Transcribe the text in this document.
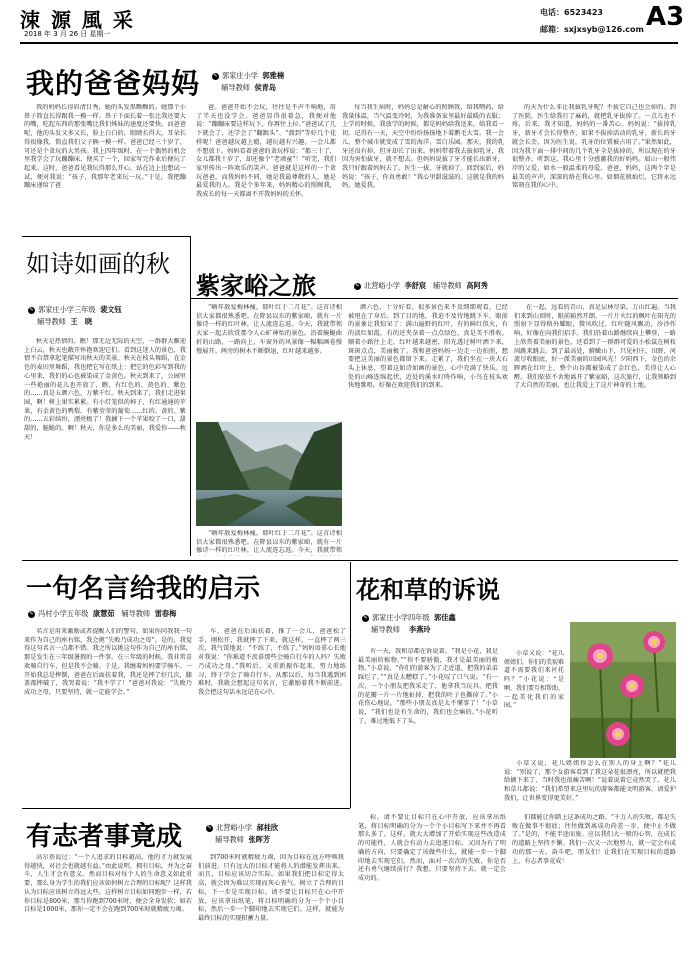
涑 源 風 采
2018 年 3 月 26 日 星期一
电话：6523423
邮箱：sxjxsyb@126.com A3
我的爸爸妈妈	✎ 郭家庄小学 郭雅楠
辅导教师 侯青岛

我的妈妈长得眉清目秀，她的头发黑黝黝的。她那个小鼻子简直长得跟我一模一样。鼻子下面长着一张比我还要大的嘴，吃起东西的那张嘴比我们姊妹的速度还要快。而爸爸呢，他的头发又多又长，脸上白白的，眼睛长得大，耳朵长得很像我，简直我们父子俩一模一样。爸爸已经三十岁了，可还是个贪玩的大男孩。我上四年级时，在一个偶然的机会里我学会了玩蹦蹦床，便买了一个，回家写完作业后便玩了起来。这时，爸爸看见我玩得那么开心，站在边上也想试一试，便对我说：“孩子，我那年老来玩一玩。”于是，我把蹦蹦床递给了爸

爸。爸爸开始不会玩，往往是不声不响地，用了半天也没学会。爸爸显得很着急，我便对他说：“蹦蹦床要这样玩下，你再往上拉。”爸爸试了几下就会了，还学会了“翻跟头”、“溜到”等好几个花样呢！爸爸越玩越上瘾，越玩越有兴趣，一会儿都不想放下。妈妈看着爸爸的贪玩样说：“都三十了，女儿都我十岁了，却还像个“老顽童”！”听完，我们家里传出一阵欢乐的笑声。爸爸就是这样的一个贪玩爸爸。而我妈妈不同，她是我最尊敬的人，她是最爱我的人。我是个多年来，妈妈精心的照顾我，我成长的每一天都离不开我妈妈的关怀。

每当我生病时，妈妈总是耐心的照顾我，给我喂药，给我量体温，当气温变冷时，为我准备家里最好最暖的衣服；上学的时候，我放学的时候，都是妈妈给我送来，给我看一切。记得有一天，天空中纷纷扬扬地下着鹅毛大雪。我一会儿，整个城市就变成了雪的海洋，雪白乐园。那天，我的乳牙还没有掉，但牙却长了出来。妈妈带着我去拔掉乳牙，我因为害怕拔牙，就不想去。但妈妈说拔了牙才能长出新牙，我只好跟着妈妈去了。医生一拔，牙就掉了。回到家后，妈妈说：“孩子，你真勇敢！”我心里甜滋滋的。这就是我的妈妈，她爱我。

的天为什么非让我拔乳牙呢？不拔它自己也会掉的。到了医院，医生给我打了麻药，就把乳牙拔掉了。一点儿也不疼，后来，我才知道，妈妈的一番苦心。妈妈说：“拔掉乳牙，新牙才会长得整齐，如果不拔掉活动的乳牙，新长的牙就会长歪，因为医生说，乳牙的位置被占用了。”果然如此，因为我下面一排中间的几个乳牙全是拔掉的，所以现在的牙很整齐。听到这，我心里十分感激我的好妈妈。如山一般伟岸的父爱，如水一般温柔的母爱。爸爸，妈妈，这两个字是最美的声声，深深的烙在我心里。如烟花般灿烂，它将永远铭刻在我的心中。

如诗如画的秋
✎ 郭家庄小学三年级 裴文钰
辅导教师 王　晓

秋天是热情的。瞧！那无边无际的天空，一群群大雁迎上白云，秋天也敞开怀抱欢迎它们。看到这迷人的景色，我情不自禁拿起笔描写出秋天的美景。秋天在枝头舞蹈，在金色的麦田里舞蹈，我也把它写在纸上：把它的色彩写到我的心里来，我们的心也被染成了金黄色。秋天到来了，公园里一些艳丽的花儿也开放了，瞧，有红色的、黄色的、紫色的……真是五颜六色，万紫千红。秋天到来了，我们走进果园，啊！树上果实累累。有小灯笼似的柿子，有红通通的苹果，有金黄色的鸭梨，有紫莹莹的葡萄……红的、黄的、紫的……五彩缤纷，漂亮极了！我摘下一个苹果咬了一口，甜甜的，脆脆的。啊！秋天，你是多么的美丽，我爱你——秋天！

紫家峪之旅	✎ 北营峪小学 李舒宸 辅导教师 高阿秀

“嗨年散爱梅林瘦，耶叶红于二月花”。这首诗相信大家都很熟悉吧。在降县以东的紫家峪，就有一片像诗一样的红叶林，让人流连忘返。今天，我就带领大家一起去欣赏那令人心旷神怡的景色。沿着蜿蜒曲折的山路，一路向上，车窗外的风景像一幅幅画卷慢慢展开。两旁的树木不断倒退，红叶越来越多。

“嗨年散爱梅林瘦，耶叶红于二月花”。这首诗相信大家都很熟悉吧。在降县以东的紫家峪，就有一片像诗一样的红叶林，让人流连忘返。今天，我就带领

颜六色，十分好看。很多景色来不及细细观看，已经被甩在了身后。到了目的地，我迫不及待地跳下车，眼前的景象让我惊呆了：满山遍野的红叶，有的鲜红似火，有的淡红如霞，有的还夹杂着一点点绿色，真是美不胜收。顺着小路往上走，红叶越来越密，阳光透过树叶洒下来，斑斑点点，美丽极了。我和爸爸妈妈一边走一边拍照，想要把这美丽的景色都留下来。走累了，我们坐在一块大石头上休息，望着这如诗如画的景色，心中充满了快乐。远处的山峰连绵起伏，近处的溪水叮咚作响，小鸟在枝头欢快地歌唱，好像在欢迎我们的到来。

在一起，远看的青山，真是层林尽染，万山红遍。当我们来到山顶时，眼前豁然开朗，一片片火红的枫叶在阳光的照射下显得格外耀眼，微风吹过，红叶随风飘动，沙沙作响，好像在向我们招手。我们沿着山路继续向上攀登，一路上欣赏着美丽的景色，还看到了一群群可爱的小松鼠在树枝间跳来跳去。到了最高处，俯瞰山下，只见村庄、田野、河流尽收眼底，好一派美丽的田园风光！夕阳西下，金色的余晖洒在红叶上，整个山谷都被染成了金红色，美得让人心醉。我们依依不舍地离开了紫家峪，这次旅行，让我领略到了大自然的美丽，也让我爱上了这片神奇的土地。

一句名言给我的启示
✎ 冯村小学五年级 康慧茹 辅导教师 雷春梅

名言是用来激励或者提醒人们的警句。如果你问我我一句来作为自己的座右铭，我会挑“失败乃成功之母”。是的，我觉得这句名言一点都不错。我之所以挑这句作为自己的座右铭，那是发生在三年级暑假的一件事。在三年级的时候，我非常喜欢骑自行车，但是我不会骑。于是，我缠着妈妈要学骑车。一开始我总是摔倒，爸爸在后面扶着我，我还是摔了好几次，膝盖都摔破了，我哭着说：“我不学了！”爸爸对我说：“失败乃成功之母，只要坚持，就一定能学会。”

车。爸爸在后面扶着，推了一会儿，爸爸松了手，刚松开，我就摔了下来，就这样，一直摔了两三次，我气馁地说：“不练了，不练了。”妈妈语重心长地对我说：“你难道不羡慕那些会骑自行车的人吗？失败乃成功之母。”我听后，又重新振作起来，努力地练习，终于学会了骑自行车。从那以后，每当我遇到困难时，我就会想起这句名言，它激励着我不断前进。我会把这句话永远记在心中。

花和草的诉说
✎ 郭家庄小学四年级 郭佳鑫
辅导教师 李燕玲

有一天，我和草都在诉说着。“我是小花，我是最美丽的植物。”“你不要骄傲，我才是最美丽的植物。”小草说。“你们的游客为了走近道，把我的弟弟踩烂了。”“真是太糟糕了。”小花叹了口气说。“有一次，一个小朋友把我采走了，他拿我当玩具，把我的花瓣一片一片地扯掉，把我的叶子也撕掉了。”小花伤心地说。“那些小朋友真是太不懂事了！”小草说，“我们也是有生命的，我们也会痛的。”小花听了，难过地低下了头。

小草又说：“花儿姐姐们，你们的美貌难道不需要我们来衬托吗？”小花说：“是啊，我们要互相帮助，一起美化我们的家园。”

小草又说，花儿姐姐你怎么在别人的身上啊？”花儿说：“别说了，那个女游客看到了我这朵花很漂亮，所以就把我给摘下来了，当时我也很痛苦啊！”说着说着它竟然哭了。花儿和草儿都说：“我们希望来这里玩的游客都能文明游客，请爱护我们，让世界变得更美好。”

有志者事竟成	✎ 北营峪小学 郝桂欣
辅导教师 张晖芳

高尔基说过：“一个人追求的目标越高，他的才力就发展得越快，对社会也就越有益。”由此说明，拥有目标，并为之奋斗，人生才会有意义。然而目标对每个人的生命意义如此重要，那么身为学生的我们应该如何树立合理的目标呢？这样我认为目标应该树立得远大些。这样树立目标如同跑步一样，若你目标是800米，那当你跑到700米时，便会全身发软；如若目标是1000米，那你一定不会在跑到700米时就精疲力竭。

到700米时就精疲力竭，因为目标在远方呼唤我们前进。只有远大的目标才能将人的潜能发挥出来。而且，目标应该切合实际。如果我们把目标定得太高，就会因为难以实现而灰心丧气。树立了合理的目标，下一步是实现目标。请不要让目标只在心中开放，应该拿出纸笔，将目标明确的分为一个个小目标，然后一步一个脚印地去实现它们。这样，就能为最终目标的实现积蓄力量。

标。请不要让目标只在心中开放，应该拿出纸笔，将目标明确的分为一个个小目标写下来并不再看那么多了。这样，就大大增加了开始实现这些改造成的可能性，人就会有动力去追逐目标。又因为有了明确的方向，只要确定了该做些什么，就能一步一个脚印地去实现它们。然而，面对一次次的失败，你是否还有勇气继续前行？我想，只要坚持下去，就一定会成功的。

们都能让你踏上这条成功之路。“千万人的失败，都是失败在做事不彻底；往往做到离成功尚差一步，便中止不做了。”是的，不能半途而废。应以我们大一般的心智，在成长的道路上坚持不懈。我们一次又一次地努力，就一定会有成功的那一天。奋斗吧，朋友们！让我们在实现目标的道路上，有志者事竟成！
